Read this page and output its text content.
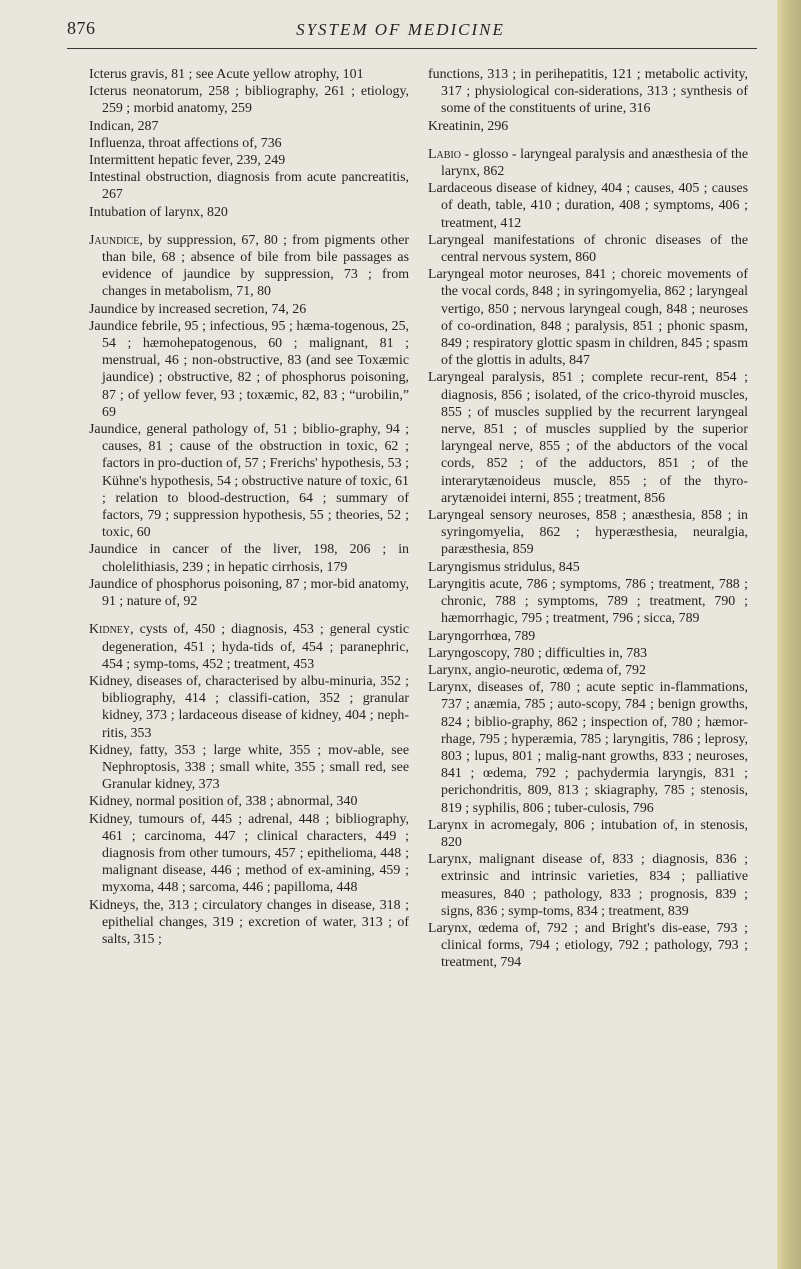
876	SYSTEM OF MEDICINE

Icterus gravis, 81 ; see Acute yellow atrophy, 101

Icterus neonatorum, 258 ; bibliography, 261 ; etiology, 259 ; morbid anatomy, 259

Indican, 287

Influenza, throat affections of, 736

Intermittent hepatic fever, 239, 249

Intestinal obstruction, diagnosis from acute pancreatitis, 267

Intubation of larynx, 820

Jaundice, by suppression, 67, 80 ; from pigments other than bile, 68 ; absence of bile from bile passages as evidence of jaundice by suppression, 73 ; from changes in metabolism, 71, 80

Jaundice by increased secretion, 74, 26

Jaundice febrile, 95 ; infectious, 95 ; hæma-togenous, 25, 54 ; hæmohepatogenous, 60 ; malignant, 81 ; menstrual, 46 ; non-obstructive, 83 (and see Toxæmic jaundice) ; obstructive, 82 ; of phosphorus poisoning, 87 ; of yellow fever, 93 ; toxæmic, 82, 83 ; “urobilin,” 69

Jaundice, general pathology of, 51 ; biblio-graphy, 94 ; causes, 81 ; cause of the obstruction in toxic, 62 ; factors in pro-duction of, 57 ; Frerichs' hypothesis, 53 ; Kühne's hypothesis, 54 ; obstructive nature of toxic, 61 ; relation to blood-destruction, 64 ; summary of factors, 79 ; suppression hypothesis, 55 ; theories, 52 ; toxic, 60

Jaundice in cancer of the liver, 198, 206 ; in cholelithiasis, 239 ; in hepatic cirrhosis, 179

Jaundice of phosphorus poisoning, 87 ; mor-bid anatomy, 91 ; nature of, 92

Kidney, cysts of, 450 ; diagnosis, 453 ; general cystic degeneration, 451 ; hyda-tids of, 454 ; paranephric, 454 ; symp-toms, 452 ; treatment, 453

Kidney, diseases of, characterised by albu-minuria, 352 ; bibliography, 414 ; classifi-cation, 352 ; granular kidney, 373 ; lardaceous disease of kidney, 404 ; neph-ritis, 353

Kidney, fatty, 353 ; large white, 355 ; mov-able, see Nephroptosis, 338 ; small white, 355 ; small red, see Granular kidney, 373

Kidney, normal position of, 338 ; abnormal, 340

Kidney, tumours of, 445 ; adrenal, 448 ; bibliography, 461 ; carcinoma, 447 ; clinical characters, 449 ; diagnosis from other tumours, 457 ; epithelioma, 448 ; malignant disease, 446 ; method of ex-amining, 459 ; myxoma, 448 ; sarcoma, 446 ; papilloma, 448

Kidneys, the, 313 ; circulatory changes in disease, 318 ; epithelial changes, 319 ; excretion of water, 313 ; of salts, 315 ;

functions, 313 ; in perihepatitis, 121 ; metabolic activity, 317 ; physiological con-siderations, 313 ; synthesis of some of the constituents of urine, 316

Kreatinin, 296

Labio - glosso - laryngeal paralysis and anæsthesia of the larynx, 862

Lardaceous disease of kidney, 404 ; causes, 405 ; causes of death, table, 410 ; duration, 408 ; symptoms, 406 ; treatment, 412

Laryngeal manifestations of chronic diseases of the central nervous system, 860

Laryngeal motor neuroses, 841 ; choreic movements of the vocal cords, 848 ; in syringomyelia, 862 ; laryngeal vertigo, 850 ; nervous laryngeal cough, 848 ; neuroses of co-ordination, 848 ; paralysis, 851 ; phonic spasm, 849 ; respiratory glottic spasm in children, 845 ; spasm of the glottis in adults, 847

Laryngeal paralysis, 851 ; complete recur-rent, 854 ; diagnosis, 856 ; isolated, of the crico-thyroid muscles, 855 ; of muscles supplied by the recurrent laryngeal nerve, 851 ; of muscles supplied by the superior laryngeal nerve, 855 ; of the abductors of the vocal cords, 852 ; of the adductors, 851 ; of the interarytænoideus muscle, 855 ; of the thyro-arytænoidei interni, 855 ; treatment, 856

Laryngeal sensory neuroses, 858 ; anæsthesia, 858 ; in syringomyelia, 862 ; hyperæsthesia, neuralgia, paræsthesia, 859

Laryngismus stridulus, 845

Laryngitis acute, 786 ; symptoms, 786 ; treatment, 788 ; chronic, 788 ; symptoms, 789 ; treatment, 790 ; hæmorrhagic, 795 ; treatment, 796 ; sicca, 789

Laryngorrhœa, 789

Laryngoscopy, 780 ; difficulties in, 783

Larynx, angio-neurotic, œdema of, 792

Larynx, diseases of, 780 ; acute septic in-flammations, 737 ; anæmia, 785 ; auto-scopy, 784 ; benign growths, 824 ; biblio-graphy, 862 ; inspection of, 780 ; hæmor-rhage, 795 ; hyperæmia, 785 ; laryngitis, 786 ; leprosy, 803 ; lupus, 801 ; malig-nant growths, 833 ; neuroses, 841 ; œdema, 792 ; pachydermia laryngis, 831 ; perichondritis, 809, 813 ; skiagraphy, 785 ; stenosis, 819 ; syphilis, 806 ; tuber-culosis, 796

Larynx in acromegaly, 806 ; intubation of, in stenosis, 820

Larynx, malignant disease of, 833 ; diagnosis, 836 ; extrinsic and intrinsic varieties, 834 ; palliative measures, 840 ; pathology, 833 ; prognosis, 839 ; signs, 836 ; symp-toms, 834 ; treatment, 839

Larynx, œdema of, 792 ; and Bright's dis-ease, 793 ; clinical forms, 794 ; etiology, 792 ; pathology, 793 ; treatment, 794
